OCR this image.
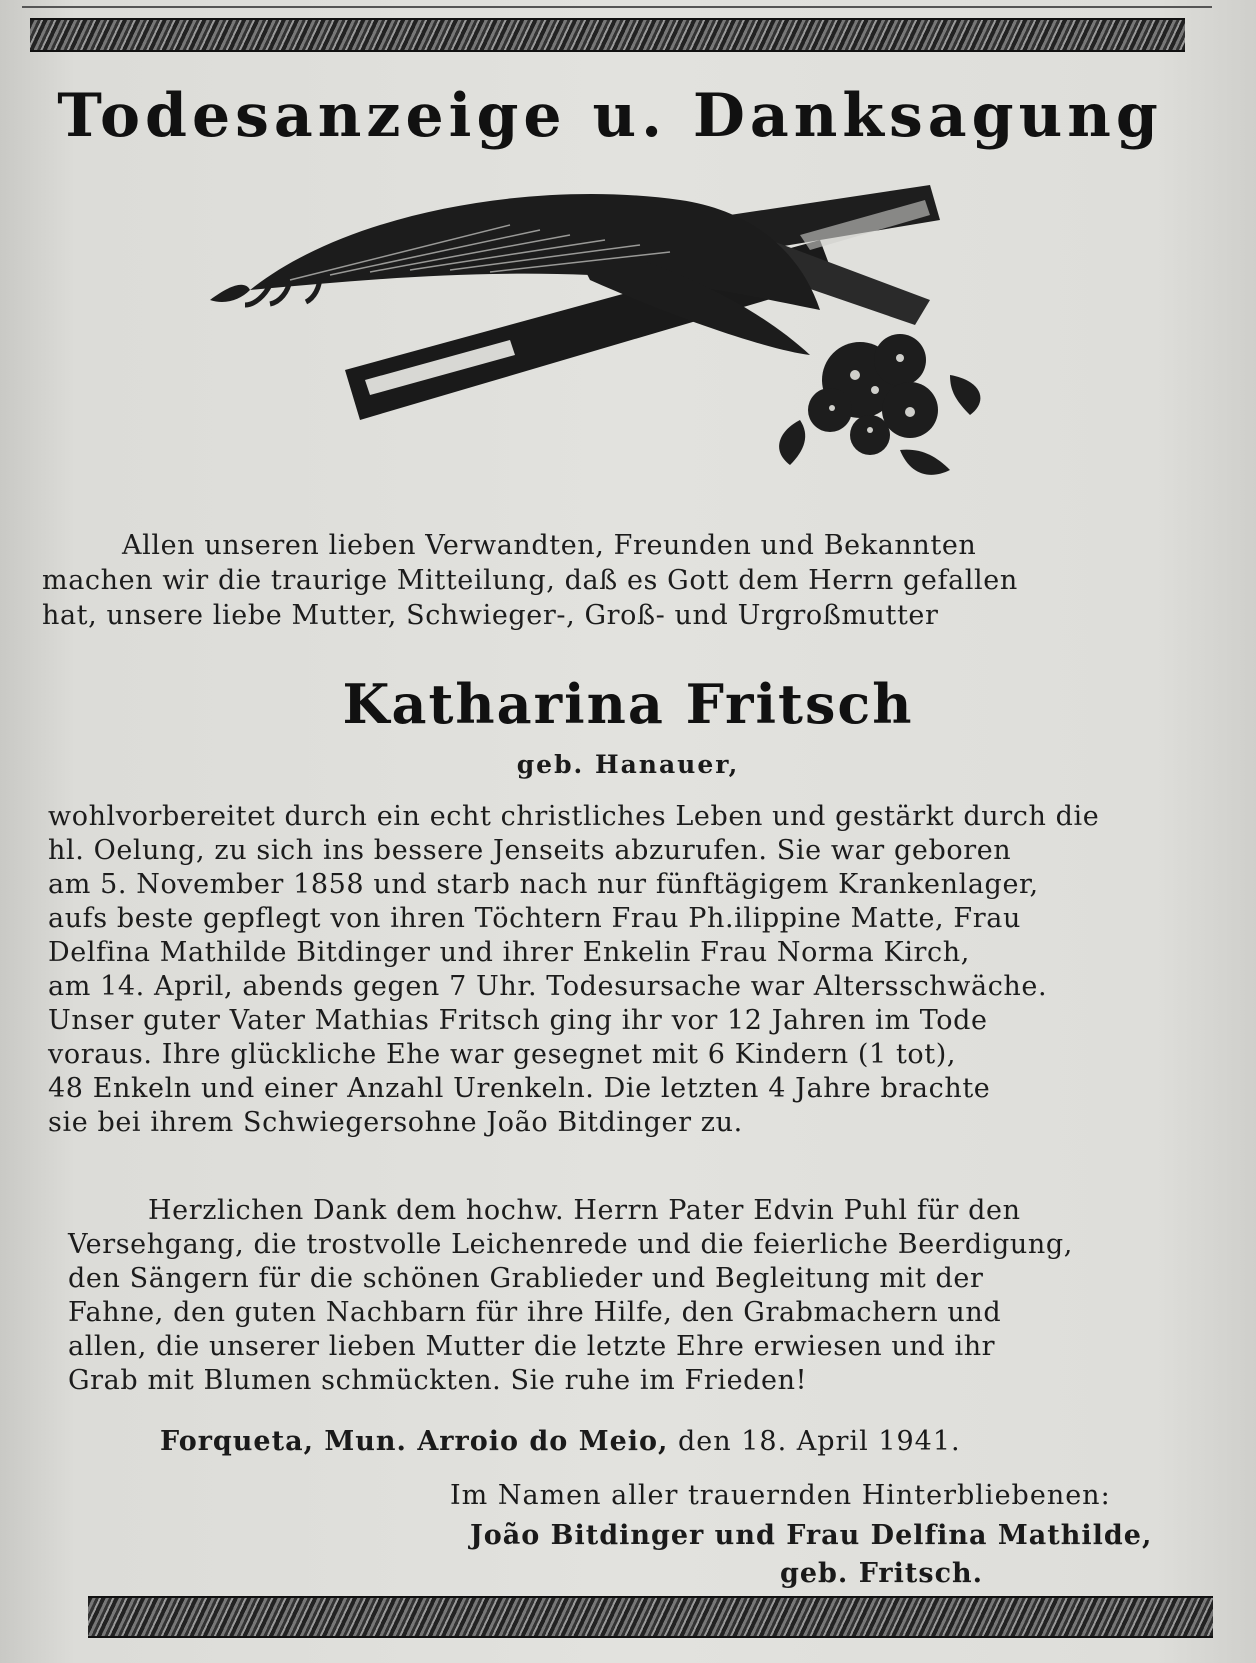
Todesanzeige u. Danksagung
Allen unseren lieben Verwandten, Freunden und Bekannten
machen wir die traurige Mitteilung, daß es Gott dem Herrn gefallen
hat, unsere liebe Mutter, Schwieger-, Groß- und Urgroßmutter
Katharina Fritsch
geb. Hanauer,
wohlvorbereitet durch ein echt christliches Leben und gestärkt durch die
hl. Oelung, zu sich ins bessere Jenseits abzurufen. Sie war geboren
am 5. November 1858 und starb nach nur fünftägigem Krankenlager,
aufs beste gepflegt von ihren Töchtern Frau Ph.ilippine Matte, Frau
Delfina Mathilde Bitdinger und ihrer Enkelin Frau Norma Kirch,
am 14. April, abends gegen 7 Uhr. Todesursache war Altersschwäche.
Unser guter Vater Mathias Fritsch ging ihr vor 12 Jahren im Tode
voraus. Ihre glückliche Ehe war gesegnet mit 6 Kindern (1 tot),
48 Enkeln und einer Anzahl Urenkeln. Die letzten 4 Jahre brachte
sie bei ihrem Schwiegersohne João Bitdinger zu.
Herzlichen Dank dem hochw. Herrn Pater Edvin Puhl für den
Versehgang, die trostvolle Leichenrede und die feierliche Beerdigung,
den Sängern für die schönen Grablieder und Begleitung mit der
Fahne, den guten Nachbarn für ihre Hilfe, den Grabmachern und
allen, die unserer lieben Mutter die letzte Ehre erwiesen und ihr
Grab mit Blumen schmückten. Sie ruhe im Frieden!
Forqueta, Mun. Arroio do Meio, den 18. April 1941.
Im Namen aller trauernden Hinterbliebenen:
João Bitdinger und Frau Delfina Mathilde,
geb. Fritsch.
